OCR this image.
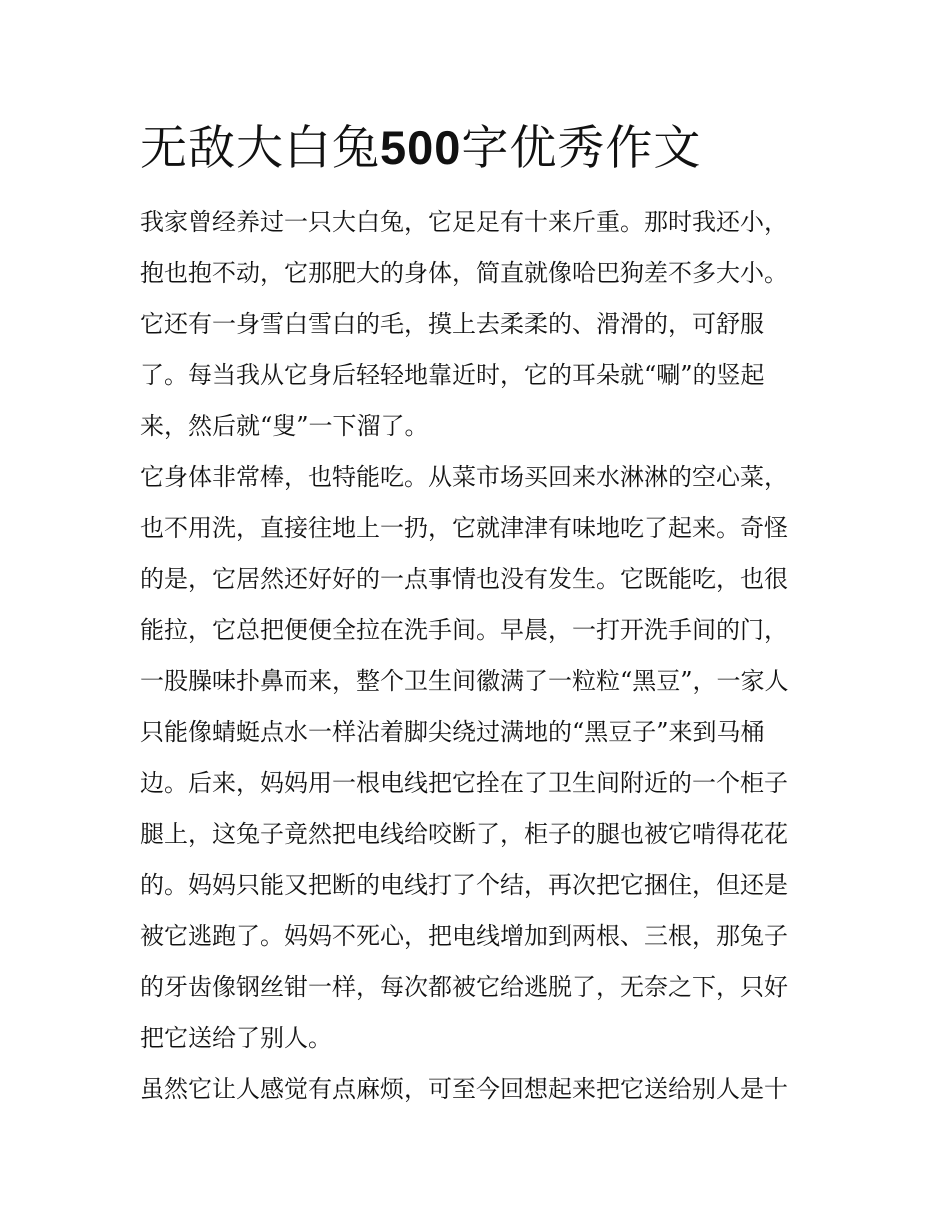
无敌大白兔500字优秀作文

我家曾经养过一只大白兔，它足足有十来斤重。那时我还小，

抱也抱不动，它那肥大的身体，简直就像哈巴狗差不多大小。

它还有一身雪白雪白的毛，摸上去柔柔的、滑滑的，可舒服

了。每当我从它身后轻轻地靠近时，它的耳朵就“唰”的竖起

来，然后就“叟”一下溜了。

它身体非常棒，也特能吃。从菜市场买回来水淋淋的空心菜，

也不用洗，直接往地上一扔，它就津津有味地吃了起来。奇怪

的是，它居然还好好的一点事情也没有发生。它既能吃，也很

能拉，它总把便便全拉在洗手间。早晨，一打开洗手间的门，

一股臊味扑鼻而来，整个卫生间徽满了一粒粒“黑豆”，一家人

只能像蜻蜓点水一样沾着脚尖绕过满地的“黑豆子”来到马桶

边。后来，妈妈用一根电线把它拴在了卫生间附近的一个柜子

腿上，这兔子竟然把电线给咬断了，柜子的腿也被它啃得花花

的。妈妈只能又把断的电线打了个结，再次把它捆住，但还是

被它逃跑了。妈妈不死心，把电线增加到两根、三根，那兔子

的牙齿像钢丝钳一样，每次都被它给逃脱了，无奈之下，只好

把它送给了别人。

虽然它让人感觉有点麻烦，可至今回想起来把它送给别人是十
